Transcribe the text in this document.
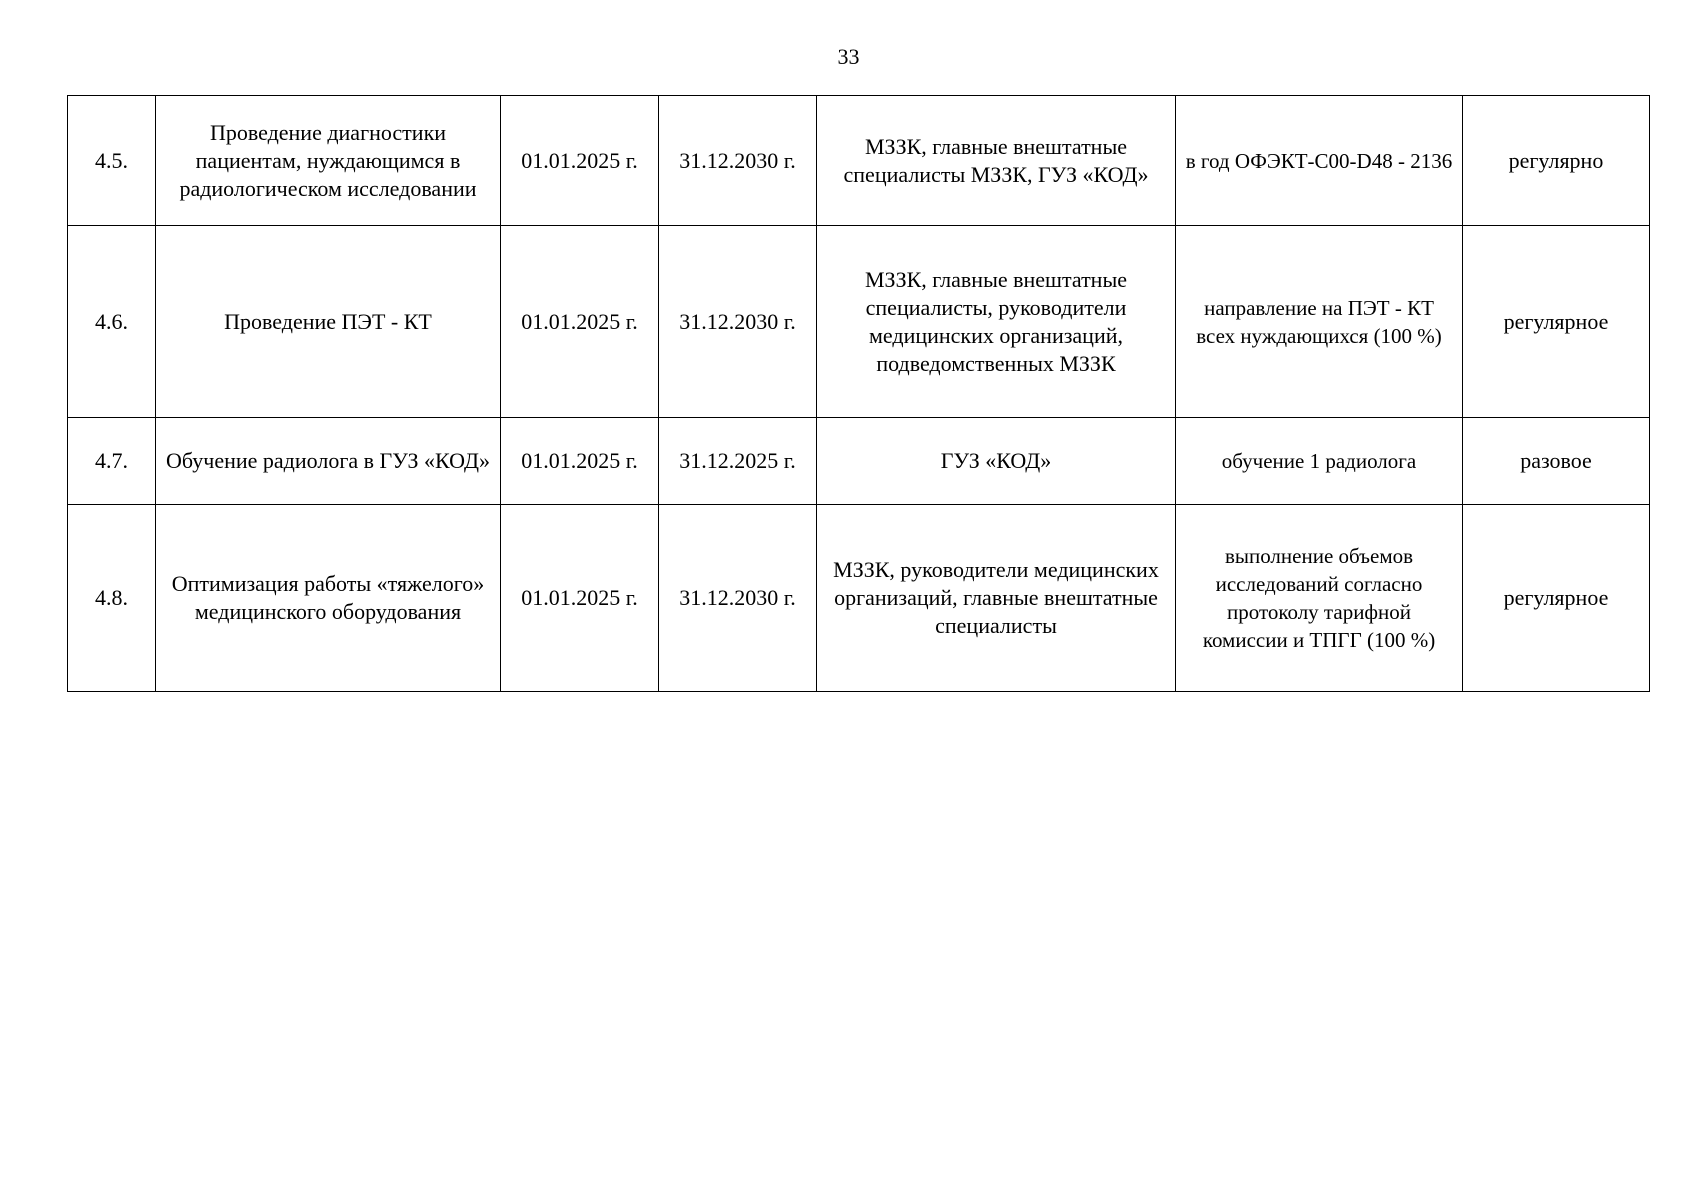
33
4.5.	Проведение диагностики пациентам, нуждающимся в радиологическом исследовании	01.01.2025 г.	31.12.2030 г.	МЗЗК, главные внештатные специалисты МЗЗК, ГУЗ «КОД»	в год ОФЭКТ-C00-D48 - 2136	регулярно
4.6.	Проведение ПЭТ - КТ	01.01.2025 г.	31.12.2030 г.	МЗЗК, главные внештатные специалисты, руководители медицинских организаций, подведомственных МЗЗК	направление на ПЭТ - КТ всех нуждающихся (100 %)	регулярное
4.7.	Обучение радиолога в ГУЗ «КОД»	01.01.2025 г.	31.12.2025 г.	ГУЗ «КОД»	обучение 1 радиолога	разовое
4.8.	Оптимизация работы «тяжелого» медицинского оборудования	01.01.2025 г.	31.12.2030 г.	МЗЗК, руководители медицинских организаций, главные внештатные специалисты	выполнение объемов исследований согласно протоколу тарифной комиссии и ТПГГ (100 %)	регулярное
